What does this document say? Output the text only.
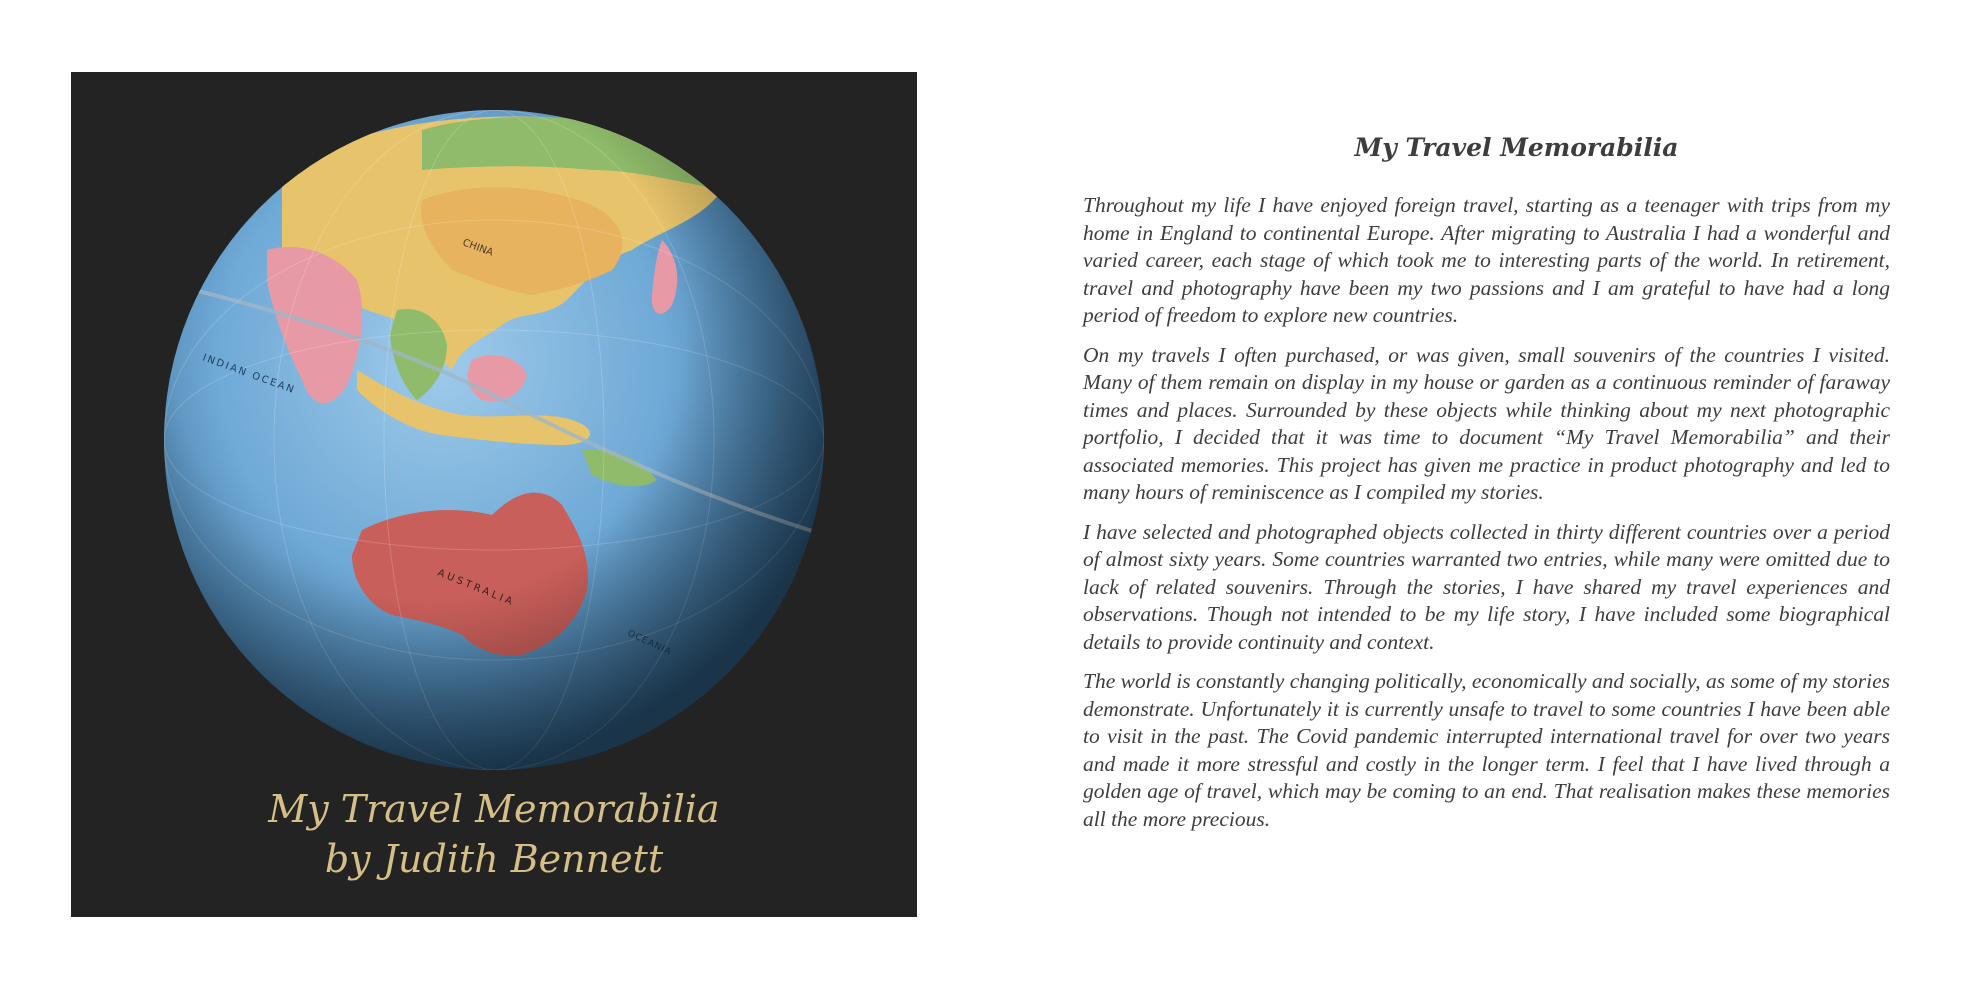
My Travel Memorabilia
by Judith Bennett
My Travel Memorabilia

Throughout my life I have enjoyed foreign travel, starting as a teenager with trips from my home in England to continental Europe. After migrating to Australia I had a wonderful and varied career, each stage of which took me to interesting parts of the world. In retirement, travel and photography have been my two passions and I am grateful to have had a long period of freedom to explore new countries.

On my travels I often purchased, or was given, small souvenirs of the countries I visited. Many of them remain on display in my house or garden as a continuous reminder of faraway times and places. Surrounded by these objects while thinking about my next photographic portfolio, I decided that it was time to document “My Travel Memorabilia” and their associated memories. This project has given me practice in product photography and led to many hours of reminiscence as I compiled my stories.

I have selected and photographed objects collected in thirty different countries over a period of almost sixty years. Some countries warranted two entries, while many were omitted due to lack of related souvenirs. Through the stories, I have shared my travel experiences and observations. Though not intended to be my life story, I have included some biographical details to provide continuity and context.

The world is constantly changing politically, economically and socially, as some of my stories demonstrate. Unfortunately it is currently unsafe to travel to some countries I have been able to visit in the past. The Covid pandemic interrupted international travel for over two years and made it more stressful and costly in the longer term. I feel that I have lived through a golden age of travel, which may be coming to an end. That realisation makes these memories all the more precious.
